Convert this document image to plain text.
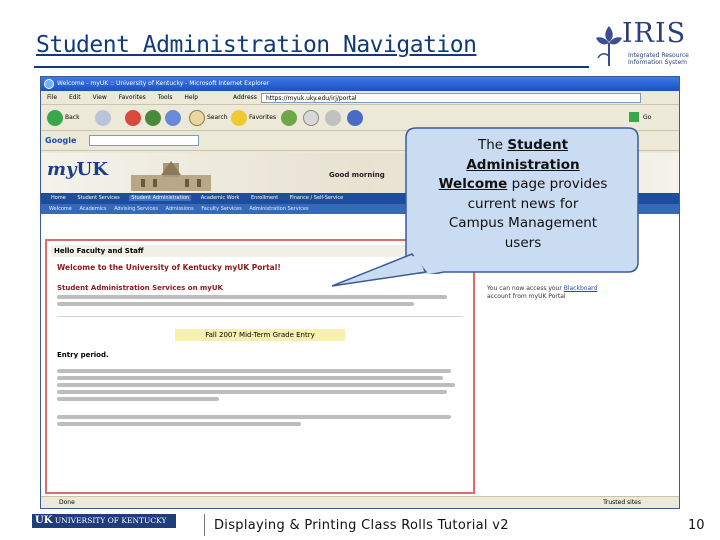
Student Administration Navigation	IRIS
Integrated Resource Information System
Welcome - myUK :: University of Kentucky - Microsoft Internet Explorer
File Edit View Favorites Tools Help	Address	https://myuk.uky.edu/irj/portal
Back	Search	Favorites	Go
Google
myUK	Good morning
Home Student Services Student Administration Academic Work Enrollment Finance / Self-Service
Welcome Academics Advising Services Admissions Faculty Services Administration Services
Hello Faculty and Staff
Welcome to the University of Kentucky myUK Portal!
Student Administration Services on myUK
Fall 2007 Mid-Term Grade Entry
Entry period.
You can now access your Blackboard
account from myUK Portal
Done	Trusted sites
The Student
Administration
Welcome page provides
current news for
Campus Management
users
UK UNIVERSITY OF KENTUCKY	Displaying & Printing Class Rolls Tutorial v2	10
